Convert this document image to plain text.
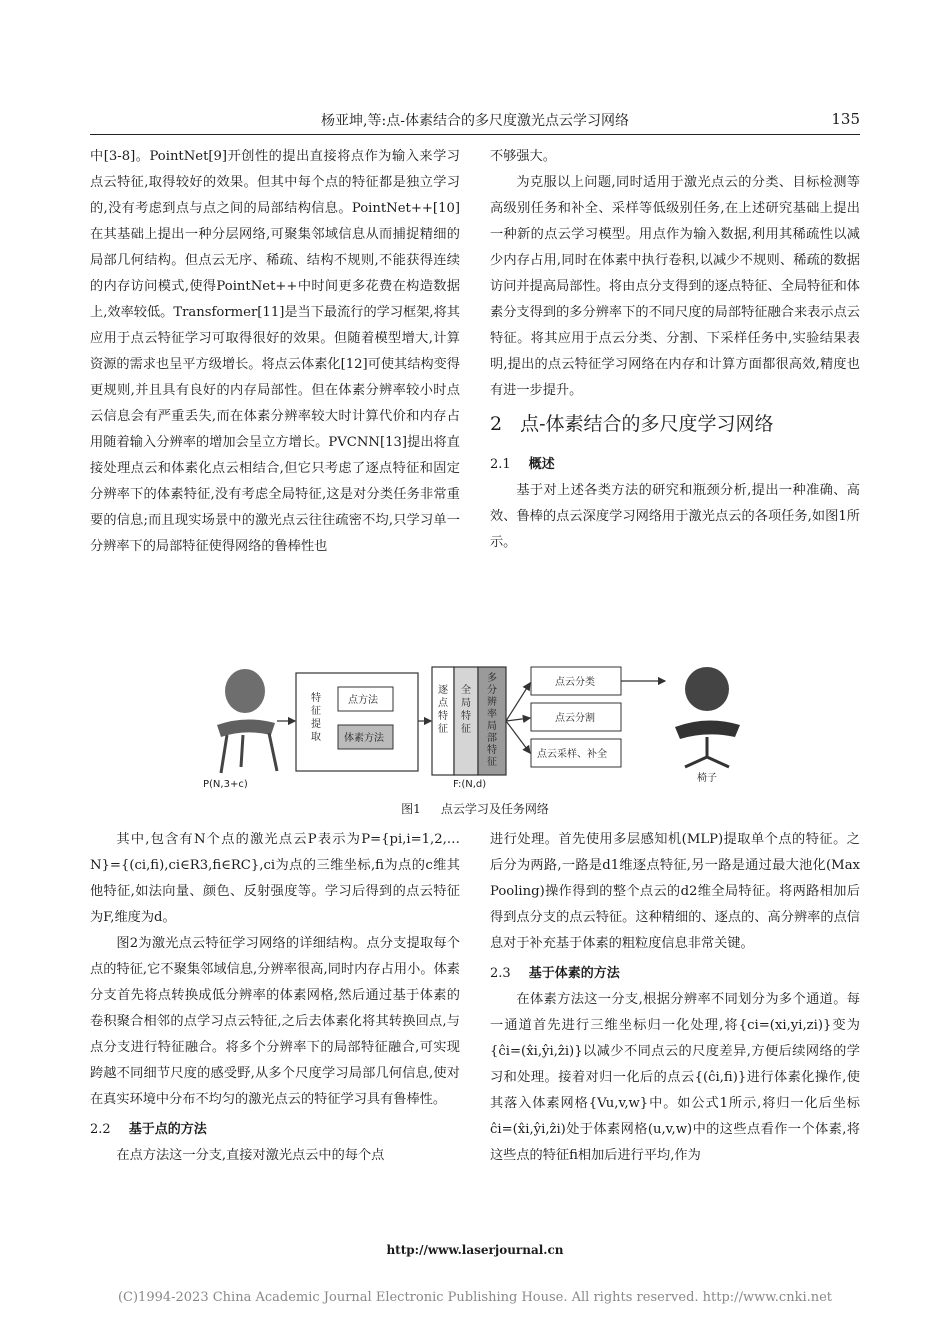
杨亚坤,等:点-体素结合的多尺度激光点云学习网络	135

中[3-8]。PointNet[9]开创性的提出直接将点作为输入来学习点云特征,取得较好的效果。但其中每个点的特征都是独立学习的,没有考虑到点与点之间的局部结构信息。PointNet++[10]在其基础上提出一种分层网络,可聚集邻域信息从而捕捉精细的局部几何结构。但点云无序、稀疏、结构不规则,不能获得连续的内存访问模式,使得PointNet++中时间更多花费在构造数据上,效率较低。Transformer[11]是当下最流行的学习框架,将其应用于点云特征学习可取得很好的效果。但随着模型增大,计算资源的需求也呈平方级增长。将点云体素化[12]可使其结构变得更规则,并且具有良好的内存局部性。但在体素分辨率较小时点云信息会有严重丢失,而在体素分辨率较大时计算代价和内存占用随着输入分辨率的增加会呈立方增长。PVCNN[13]提出将直接处理点云和体素化点云相结合,但它只考虑了逐点特征和固定分辨率下的体素特征,没有考虑全局特征,这是对分类任务非常重要的信息;而且现实场景中的激光点云往往疏密不均,只学习单一分辨率下的局部特征使得网络的鲁棒性也

其中,包含有N个点的激光点云P表示为P={pi,i=1,2,…N}={(ci,fi),ci∈R3,fi∈RC},ci为点的三维坐标,fi为点的c维其他特征,如法向量、颜色、反射强度等。学习后得到的点云特征为F,维度为d。

图2为激光点云特征学习网络的详细结构。点分支提取每个点的特征,它不聚集邻域信息,分辨率很高,同时内存占用小。体素分支首先将点转换成低分辨率的体素网格,然后通过基于体素的卷积聚合相邻的点学习点云特征,之后去体素化将其转换回点,与点分支进行特征融合。将多个分辨率下的局部特征融合,可实现跨越不同细节尺度的感受野,从多个尺度学习局部几何信息,使对在真实环境中分布不均匀的激光点云的特征学习具有鲁棒性。

2.2 基于点的方法

在点方法这一分支,直接对激光点云中的每个点

不够强大。

为克服以上问题,同时适用于激光点云的分类、目标检测等高级别任务和补全、采样等低级别任务,在上述研究基础上提出一种新的点云学习模型。用点作为输入数据,利用其稀疏性以减少内存占用,同时在体素中执行卷积,以减少不规则、稀疏的数据访问并提高局部性。将由点分支得到的逐点特征、全局特征和体素分支得到的多分辨率下的不同尺度的局部特征融合来表示点云特征。将其应用于点云分类、分割、下采样任务中,实验结果表明,提出的点云特征学习网络在内存和计算方面都很高效,精度也有进一步提升。

2 点-体素结合的多尺度学习网络

2.1 概述

基于对上述各类方法的研究和瓶颈分析,提出一种准确、高效、鲁棒的点云深度学习网络用于激光点云的各项任务,如图1所示。

进行处理。首先使用多层感知机(MLP)提取单个点的特征。之后分为两路,一路是d1维逐点特征,另一路是通过最大池化(Max Pooling)操作得到的整个点云的d2维全局特征。将两路相加后得到点分支的点云特征。这种精细的、逐点的、高分辨率的点信息对于补充基于体素的粗粒度信息非常关键。

2.3 基于体素的方法

在体素方法这一分支,根据分辨率不同划分为多个通道。每一通道首先进行三维坐标归一化处理,将{ci=(xi,yi,zi)}变为{ĉi=(x̂i,ŷi,ẑi)}以减少不同点云的尺度差异,方便后续网络的学习和处理。接着对归一化后的点云{(ĉi,fi)}进行体素化操作,使其落入体素网格{Vu,v,w}中。如公式1所示,将归一化后坐标ĉi=(x̂i,ŷi,ẑi)处于体素网格(u,v,w)中的这些点看作一个体素,将这些点的特征fi相加后进行平均,作为

P(N,3+c)
特征提取
点方法
体素方法
逐点特征
全局特征
多分辨率局部特征
F:(N,d)
点云分类
点云分割
点云采样、补全
椅子
图1 点云学习及任务网络
http://www.laserjournal.cn
(C)1994-2023 China Academic Journal Electronic Publishing House. All rights reserved. http://www.cnki.net
